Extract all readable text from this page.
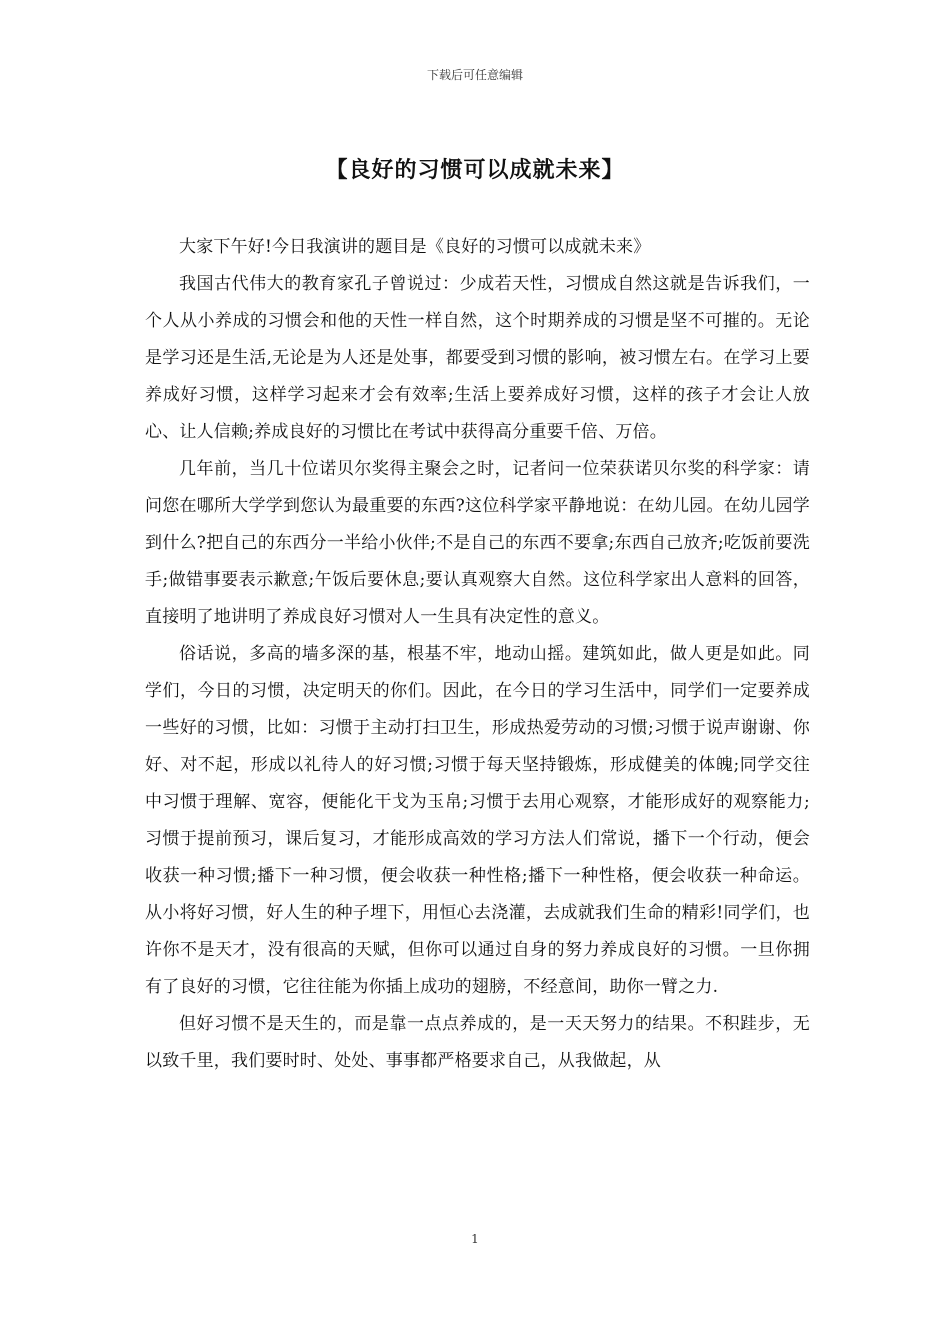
下载后可任意编辑
【良好的习惯可以成就未来】

大家下午好!今日我演讲的题目是《良好的习惯可以成就未来》

我国古代伟大的教育家孔子曾说过：少成若天性，习惯成自然这就是告诉我们，一个人从小养成的习惯会和他的天性一样自然，这个时期养成的习惯是坚不可摧的。无论是学习还是生活,无论是为人还是处事，都要受到习惯的影响，被习惯左右。在学习上要养成好习惯，这样学习起来才会有效率;生活上要养成好习惯，这样的孩子才会让人放心、让人信赖;养成良好的习惯比在考试中获得高分重要千倍、万倍。

几年前，当几十位诺贝尔奖得主聚会之时，记者问一位荣获诺贝尔奖的科学家：请问您在哪所大学学到您认为最重要的东西?这位科学家平静地说：在幼儿园。在幼儿园学到什么?把自己的东西分一半给小伙伴;不是自己的东西不要拿;东西自己放齐;吃饭前要洗手;做错事要表示歉意;午饭后要休息;要认真观察大自然。这位科学家出人意料的回答，直接明了地讲明了养成良好习惯对人一生具有决定性的意义。

俗话说，多高的墙多深的基，根基不牢，地动山摇。建筑如此，做人更是如此。同学们，今日的习惯，决定明天的你们。因此，在今日的学习生活中，同学们一定要养成一些好的习惯，比如：习惯于主动打扫卫生，形成热爱劳动的习惯;习惯于说声谢谢、你好、对不起，形成以礼待人的好习惯;习惯于每天坚持锻炼，形成健美的体魄;同学交往中习惯于理解、宽容，便能化干戈为玉帛;习惯于去用心观察，才能形成好的观察能力;习惯于提前预习，课后复习，才能形成高效的学习方法人们常说，播下一个行动，便会收获一种习惯;播下一种习惯，便会收获一种性格;播下一种性格，便会收获一种命运。从小将好习惯，好人生的种子埋下，用恒心去浇灌，去成就我们生命的精彩!同学们，也许你不是天才，没有很高的天赋，但你可以通过自身的努力养成良好的习惯。一旦你拥有了良好的习惯，它往往能为你插上成功的翅膀，不经意间，助你一臂之力.

但好习惯不是天生的，而是靠一点点养成的，是一天天努力的结果。不积跬步，无以致千里，我们要时时、处处、事事都严格要求自己，从我做起，从

1
